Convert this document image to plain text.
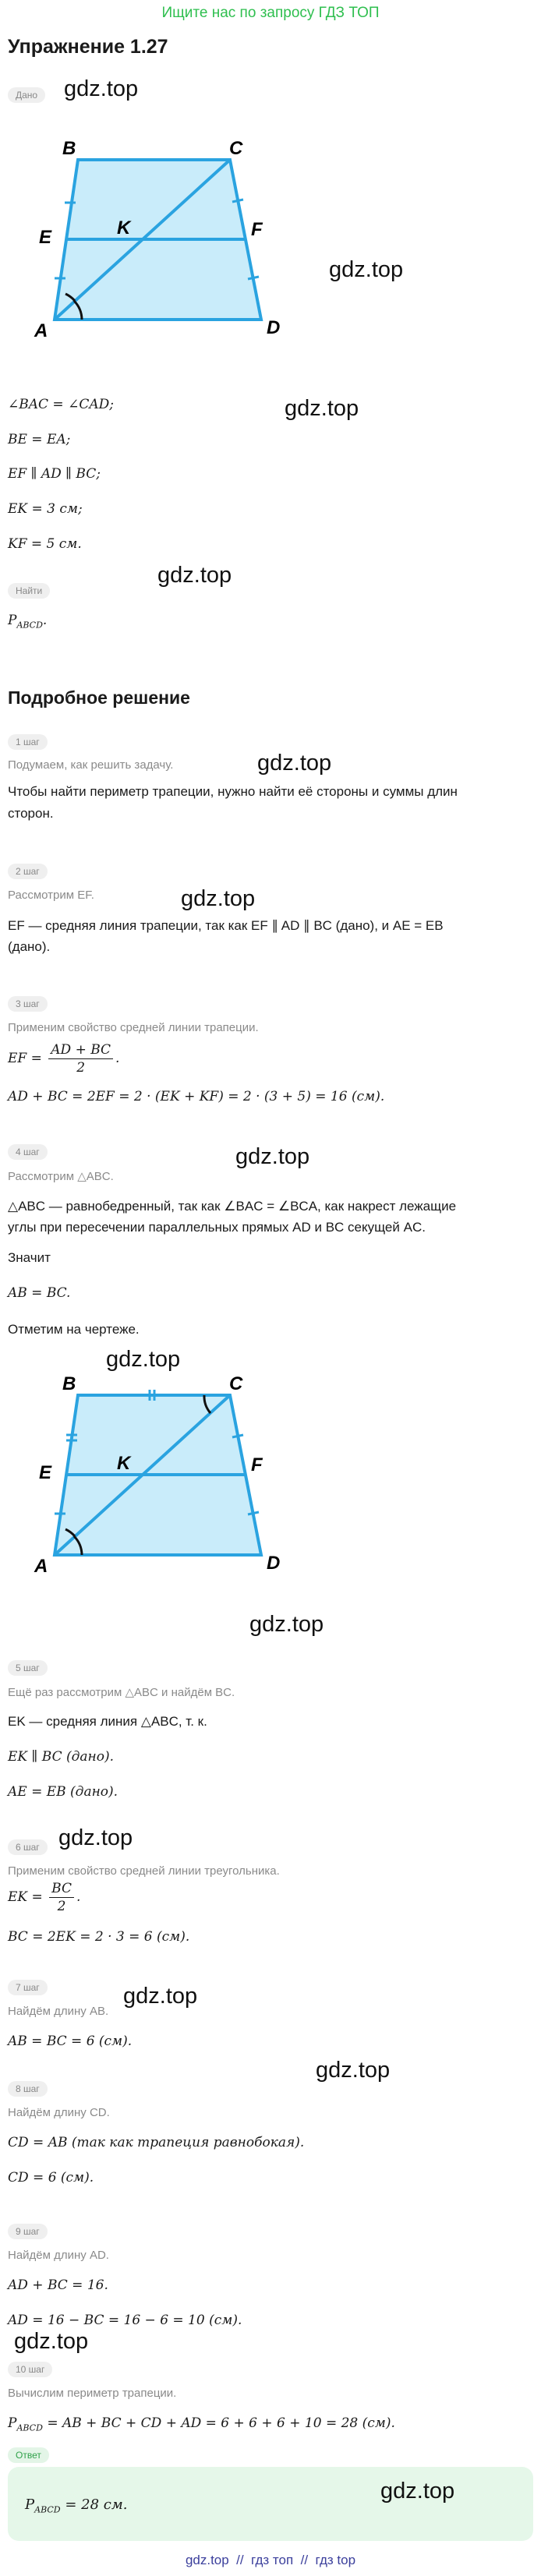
Ищите нас по запросу ГДЗ ТОП
Упражнение 1.27
Дано	gdz.top
B	C
E	K	F
A	D
gdz.top
∠BAC = ∠CAD;	gdz.top
BE = EA;
EF ∥ AD ∥ BC;
EK = 3 см;
KF = 5 см.
gdz.top
Найти
$P_{ABCD}$.
Подробное решение
1 шаг
Подумаем, как решить задачу.	gdz.top
Чтобы найти периметр трапеции, нужно найти её стороны и суммы длин
сторон.
2 шаг
Рассмотрим EF.	gdz.top
EF — средняя линия трапеции, так как EF ∥ AD ∥ BC (дано), и AE = EB
(дано).
3 шаг
Применим свойство средней линии трапеции.
EF = $\frac{AD + BC}{2}$ .
AD + BC = 2EF = 2 · (EK + KF) = 2 · (3 + 5) = 16 (см).
4 шаг
Рассмотрим △ABC.
gdz.top
△ABC — равнобедренный, так как ∠BAC = ∠BCA, как накрест лежащие
углы при пересечении параллельных прямых AD и BC секущей AC.
Значит
AB = BC.
Отметим на чертеже.
gdz.top
B	C
E	K	F
A	D
gdz.top
5 шаг
Ещё раз рассмотрим △ABC и найдём BC.
EK — средняя линия △ABC, т. к.
EK ∥ BC (дано).
AE = EB (дано).
6 шаг gdz.top
Применим свойство средней линии треугольника.
EK = $\frac{BC}{2}$ .
BC = 2EK = 2 · 3 = 6 (см).
7 шаг	gdz.top
Найдём длину AB.
AB = BC = 6 (см).
gdz.top
8 шаг
Найдём длину CD.
CD = AB (так как трапеция равнобокая).
CD = 6 (см).
9 шаг
Найдём длину AD.
AD + BC = 16.
AD = 16 − BC = 16 − 6 = 10 (см).
gdz.top
10 шаг
Вычислим периметр трапеции.
$P_{ABCD}$ = AB + BC + CD + AD = 6 + 6 + 6 + 10 = 28 (см).
Ответ
$P_{ABCD} = 28$ см.
gdz.top
gdz.top  //  гдз топ  //  гдз top
